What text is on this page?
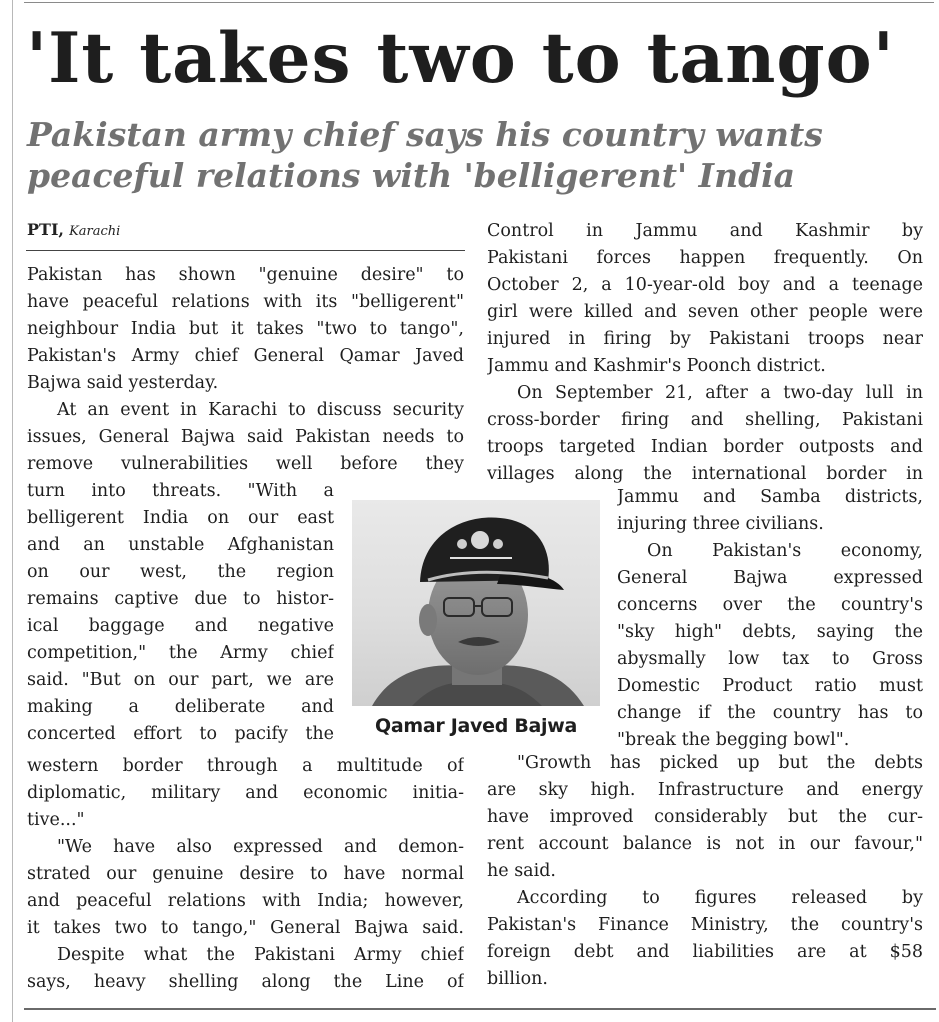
'It takes two to tango'
Pakistan army chief says his country wants
peaceful relations with 'belligerent' India
PTI, Karachi
Pakistan has shown "genuine desire" to
have peaceful relations with its "belligerent"
neighbour India but it takes "two to tango",
Pakistan's Army chief General Qamar Javed
Bajwa said yesterday.
At an event in Karachi to discuss security
issues, General Bajwa said Pakistan needs to
remove vulnerabilities well before they
turn into threats. "With a
belligerent India on our east
and an unstable Afghanistan
on our west, the region
remains captive due to histor-
ical baggage and negative
competition," the Army chief
said. "But on our part, we are
making a deliberate and
concerted effort to pacify the
western border through a multitude of
diplomatic, military and economic initia-
tive..."
"We have also expressed and demon-
strated our genuine desire to have normal
and peaceful relations with India; however,
it takes two to tango," General Bajwa said.
Despite what the Pakistani Army chief
says, heavy shelling along the Line of
Qamar Javed Bajwa
Control in Jammu and Kashmir by
Pakistani forces happen frequently. On
October 2, a 10-year-old boy and a teenage
girl were killed and seven other people were
injured in firing by Pakistani troops near
Jammu and Kashmir's Poonch district.
On September 21, after a two-day lull in
cross-border firing and shelling, Pakistani
troops targeted Indian border outposts and
villages along the international border in
Jammu and Samba districts,
injuring three civilians.
On Pakistan's economy,
General Bajwa expressed
concerns over the country's
"sky high" debts, saying the
abysmally low tax to Gross
Domestic Product ratio must
change if the country has to
"break the begging bowl".
"Growth has picked up but the debts
are sky high. Infrastructure and energy
have improved considerably but the cur-
rent account balance is not in our favour,"
he said.
According to figures released by
Pakistan's Finance Ministry, the country's
foreign debt and liabilities are at $58
billion.
